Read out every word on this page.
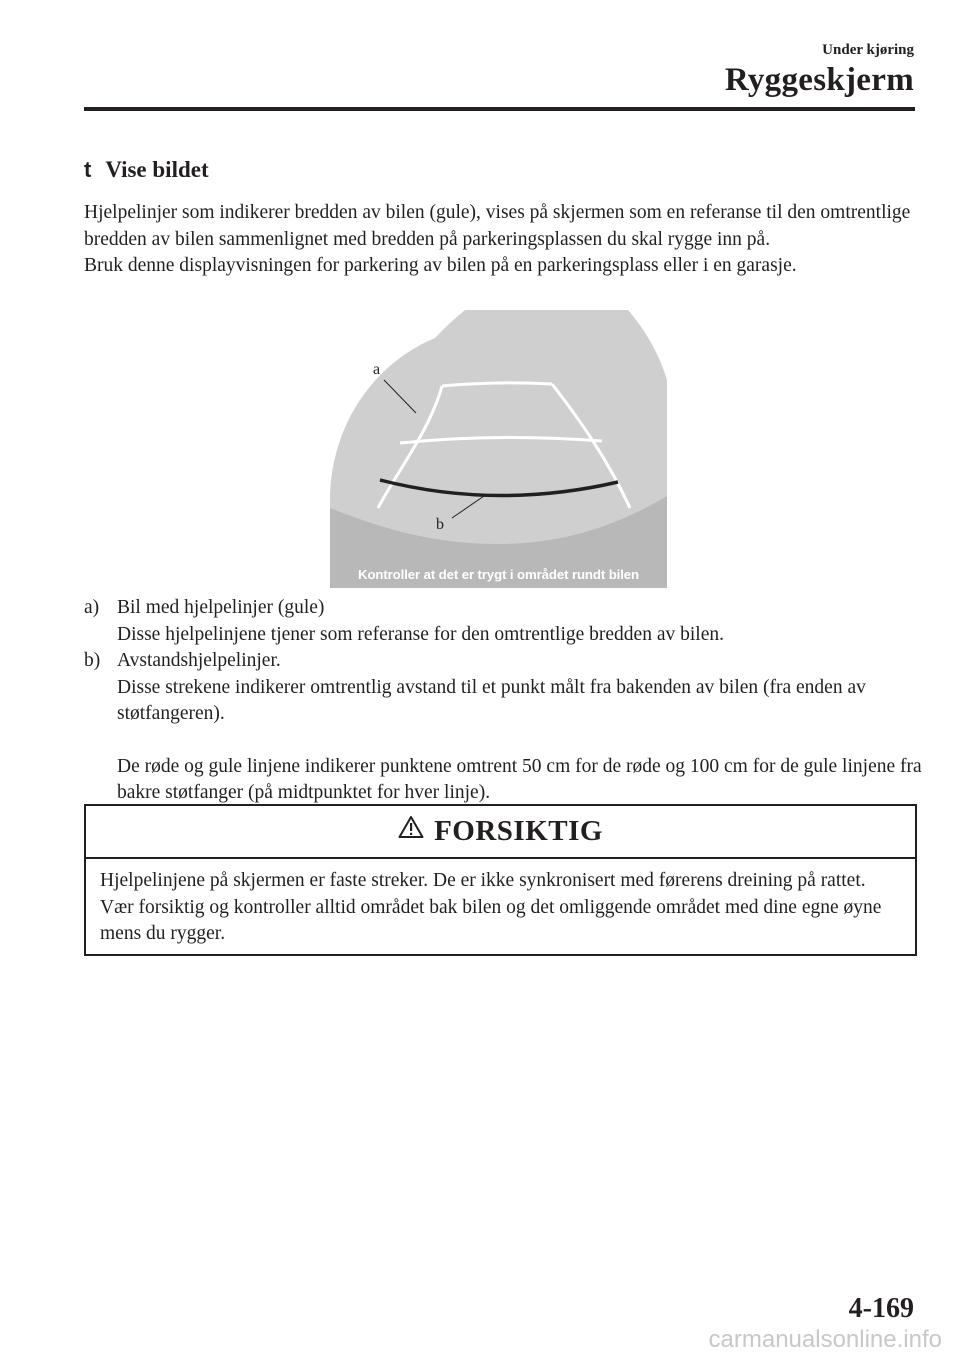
Under kjøring
Ryggeskjerm
t Vise bildet

Hjelpelinjer som indikerer bredden av bilen (gule), vises på skjermen som en referanse til den omtrentlige bredden av bilen sammenlignet med bredden på parkeringsplassen du skal rygge inn på.

Bruk denne displayvisningen for parkering av bilen på en parkeringsplass eller i en garasje.

a
b
Kontroller at det er trygt i området rundt bilen
a) Bil med hjelpelinjer (gule)
Disse hjelpelinjene tjener som referanse for den omtrentlige bredden av bilen.
b) Avstandshjelpelinjer.
Disse strekene indikerer omtrentlig avstand til et punkt målt fra bakenden av bilen (fra enden av støtfangeren).
De røde og gule linjene indikerer punktene omtrent 50 cm for de røde og 100 cm for de gule linjene fra bakre støtfanger (på midtpunktet for hver linje).
FORSIKTIG
Hjelpelinjene på skjermen er faste streker. De er ikke synkronisert med førerens dreining på rattet. Vær forsiktig og kontroller alltid området bak bilen og det omliggende området med dine egne øyne mens du rygger.
4-169
carmanualsonline.info
